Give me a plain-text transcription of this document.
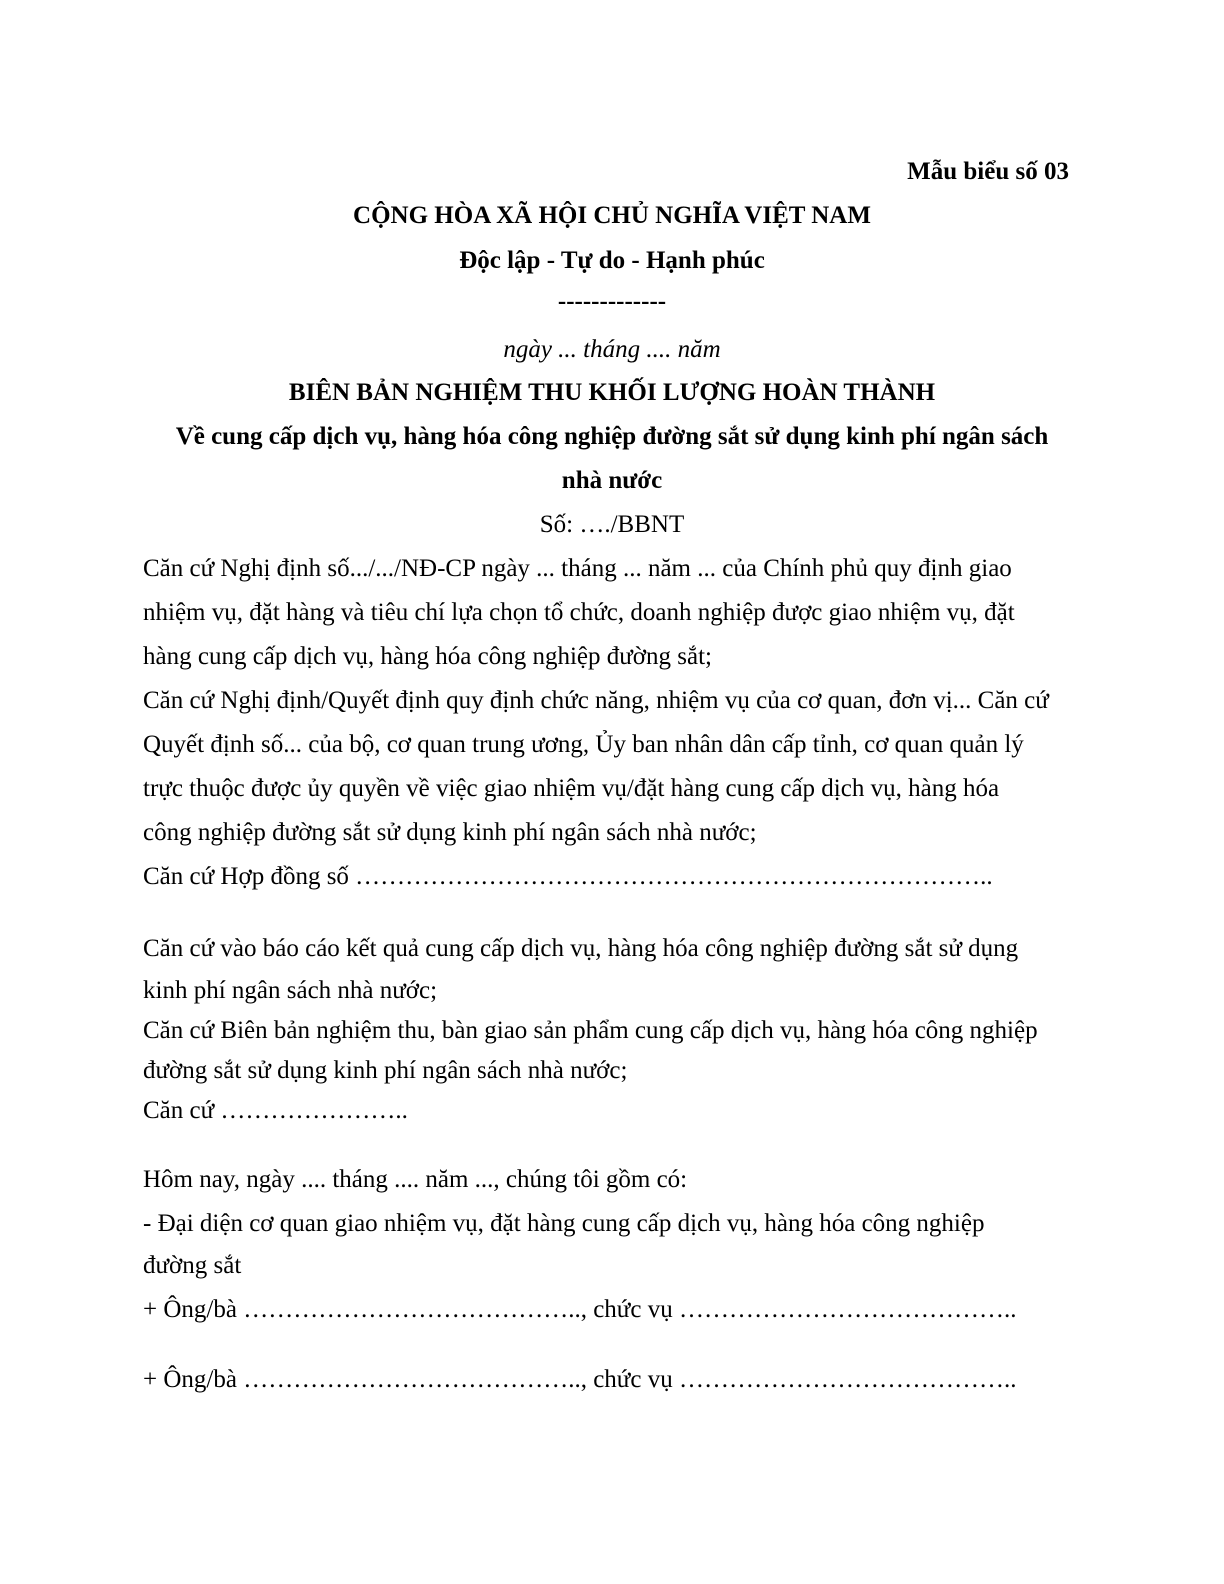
Mẫu biểu số 03

CỘNG HÒA XÃ HỘI CHỦ NGHĨA VIỆT NAM

Độc lập - Tự do - Hạnh phúc

-------------

ngày ... tháng .... năm

BIÊN BẢN NGHIỆM THU KHỐI LƯỢNG HOÀN THÀNH

Về cung cấp dịch vụ, hàng hóa công nghiệp đường sắt sử dụng kinh phí ngân sách

nhà nước

Số: …./BBNT

Căn cứ Nghị định số.../.../NĐ-CP ngày ... tháng ... năm ... của Chính phủ quy định giao

nhiệm vụ, đặt hàng và tiêu chí lựa chọn tổ chức, doanh nghiệp được giao nhiệm vụ, đặt

hàng cung cấp dịch vụ, hàng hóa công nghiệp đường sắt;

Căn cứ Nghị định/Quyết định quy định chức năng, nhiệm vụ của cơ quan, đơn vị... Căn cứ

Quyết định số... của bộ, cơ quan trung ương, Ủy ban nhân dân cấp tỉnh, cơ quan quản lý

trực thuộc được ủy quyền về việc giao nhiệm vụ/đặt hàng cung cấp dịch vụ, hàng hóa

công nghiệp đường sắt sử dụng kinh phí ngân sách nhà nước;

Căn cứ Hợp đồng số …………………………………………………………………..

Căn cứ vào báo cáo kết quả cung cấp dịch vụ, hàng hóa công nghiệp đường sắt sử dụng

kinh phí ngân sách nhà nước;

Căn cứ Biên bản nghiệm thu, bàn giao sản phẩm cung cấp dịch vụ, hàng hóa công nghiệp

đường sắt sử dụng kinh phí ngân sách nhà nước;

Căn cứ …………………..

Hôm nay, ngày .... tháng .... năm ..., chúng tôi gồm có:

- Đại diện cơ quan giao nhiệm vụ, đặt hàng cung cấp dịch vụ, hàng hóa công nghiệp

đường sắt

+ Ông/bà ………………………………….., chức vụ …………………………………..

+ Ông/bà ………………………………….., chức vụ …………………………………..
